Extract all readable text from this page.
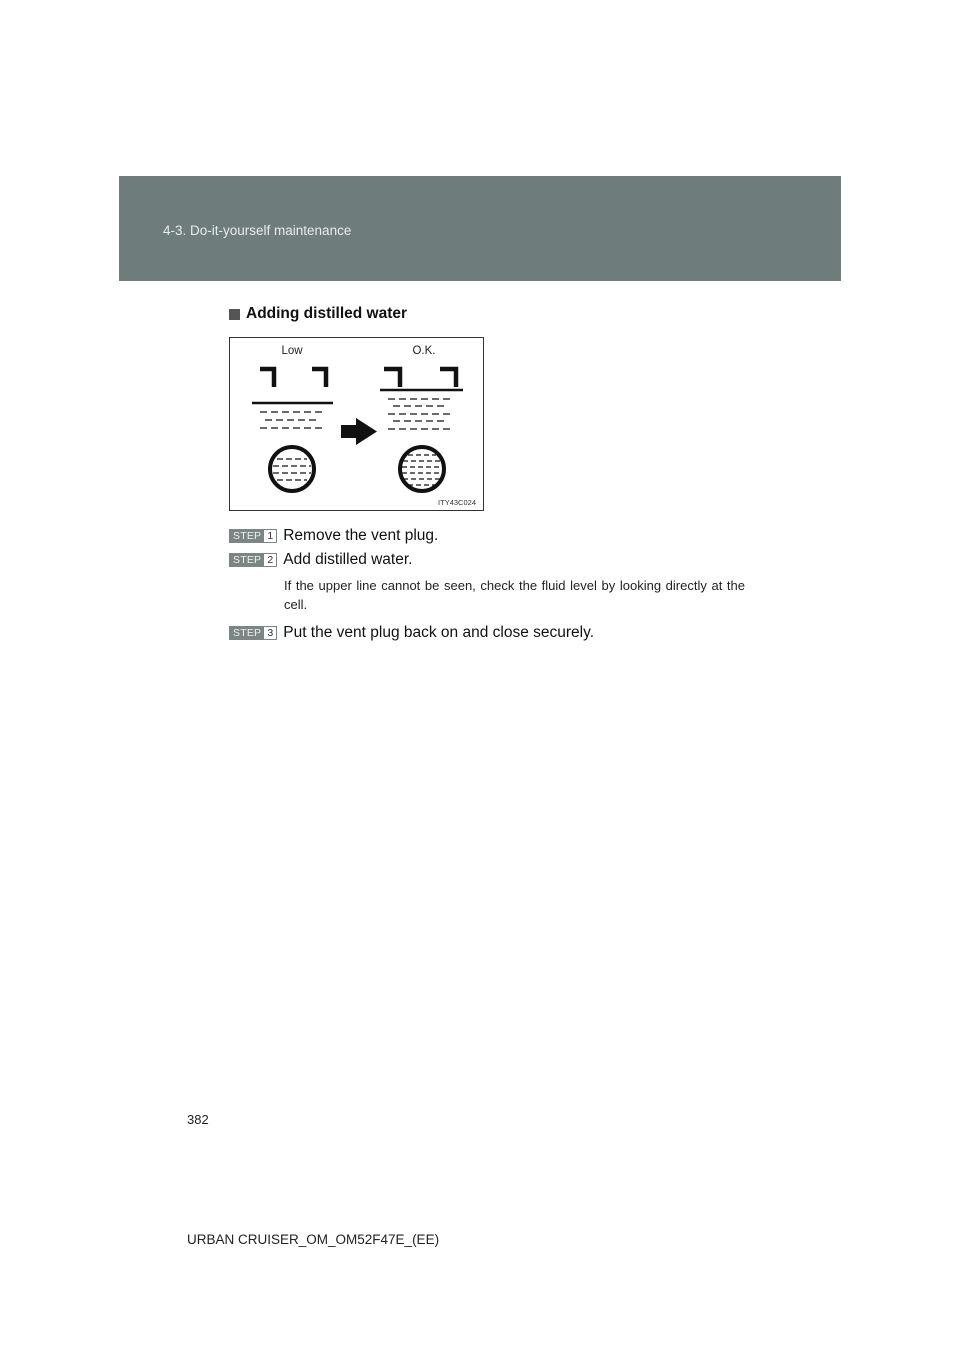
4-3. Do-it-yourself maintenance
Adding distilled water
Low	O.K.
ITY43C024
STEP 1 Remove the vent plug.
STEP 2 Add distilled water.
If the upper line cannot be seen, check the fluid level by looking directly at the cell.
STEP 3 Put the vent plug back on and close securely.
382
URBAN CRUISER_OM_OM52F47E_(EE)
